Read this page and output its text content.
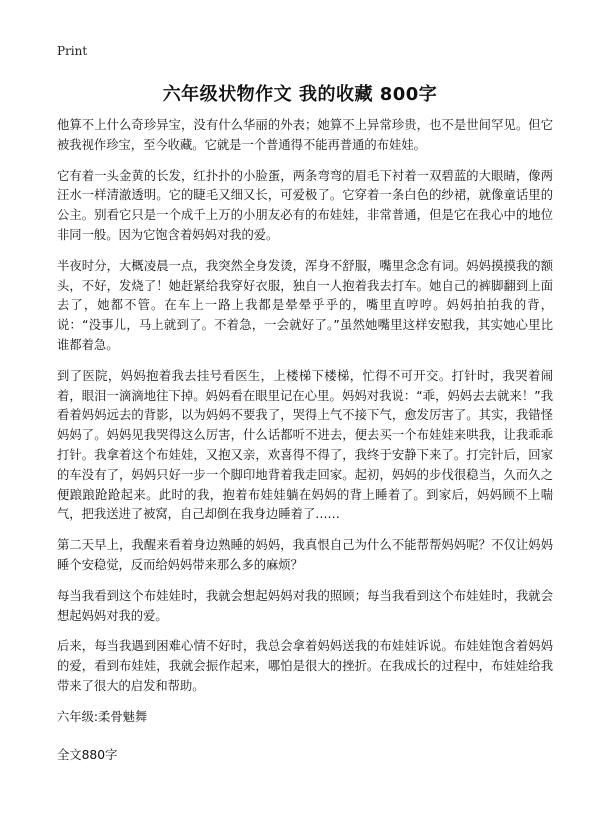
Print
六年级状物作文 我的收藏 800字

他算不上什么奇珍异宝，没有什么华丽的外表；她算不上异常珍贵，也不是世间罕见。但它被我视作珍宝，至今收藏。它就是一个普通得不能再普通的布娃娃。

它有着一头金黄的长发，红扑扑的小脸蛋，两条弯弯的眉毛下衬着一双碧蓝的大眼睛，像两汪水一样清澈透明。它的睫毛又细又长，可爱极了。它穿着一条白色的纱裙，就像童话里的公主。别看它只是一个成千上万的小朋友必有的布娃娃，非常普通，但是它在我心中的地位非同一般。因为它饱含着妈妈对我的爱。

半夜时分，大概凌晨一点，我突然全身发烫，浑身不舒服，嘴里念念有词。妈妈摸摸我的额头，不好，发烧了！她赶紧给我穿好衣服，独自一人抱着我去打车。她自己的裤脚翻到上面去了，她都不管。在车上一路上我都是晕晕乎乎的，嘴里直哼哼。妈妈拍拍我的背，说：“没事儿，马上就到了。不着急，一会就好了。”虽然她嘴里这样安慰我，其实她心里比谁都着急。

到了医院，妈妈抱着我去挂号看医生，上楼梯下楼梯，忙得不可开交。打针时，我哭着闹着，眼泪一滴滴地往下掉。妈妈看在眼里记在心里。妈妈对我说：“乖，妈妈去去就来！”我看着妈妈远去的背影，以为妈妈不要我了，哭得上气不接下气，愈发厉害了。其实，我错怪妈妈了。妈妈见我哭得这么厉害，什么话都听不进去，便去买一个布娃娃来哄我，让我乖乖打针。我拿着这个布娃娃，又抱又亲，欢喜得不得了，我终于安静下来了。打完针后，回家的车没有了，妈妈只好一步一个脚印地背着我走回家。起初，妈妈的步伐很稳当，久而久之便踉踉跄跄起来。此时的我，抱着布娃娃躺在妈妈的背上睡着了。到家后，妈妈顾不上喘气，把我送进了被窝，自己却倒在我身边睡着了……

第二天早上，我醒来看着身边熟睡的妈妈，我真恨自己为什么不能帮帮妈妈呢？不仅让妈妈睡个安稳觉，反而给妈妈带来那么多的麻烦？

每当我看到这个布娃娃时，我就会想起妈妈对我的照顾；每当我看到这个布娃娃时，我就会想起妈妈对我的爱。

后来，每当我遇到困难心情不好时，我总会拿着妈妈送我的布娃娃诉说。布娃娃饱含着妈妈的爱，看到布娃娃，我就会振作起来，哪怕是很大的挫折。在我成长的过程中，布娃娃给我带来了很大的启发和帮助。

六年级:柔骨魅舞

全文880字
